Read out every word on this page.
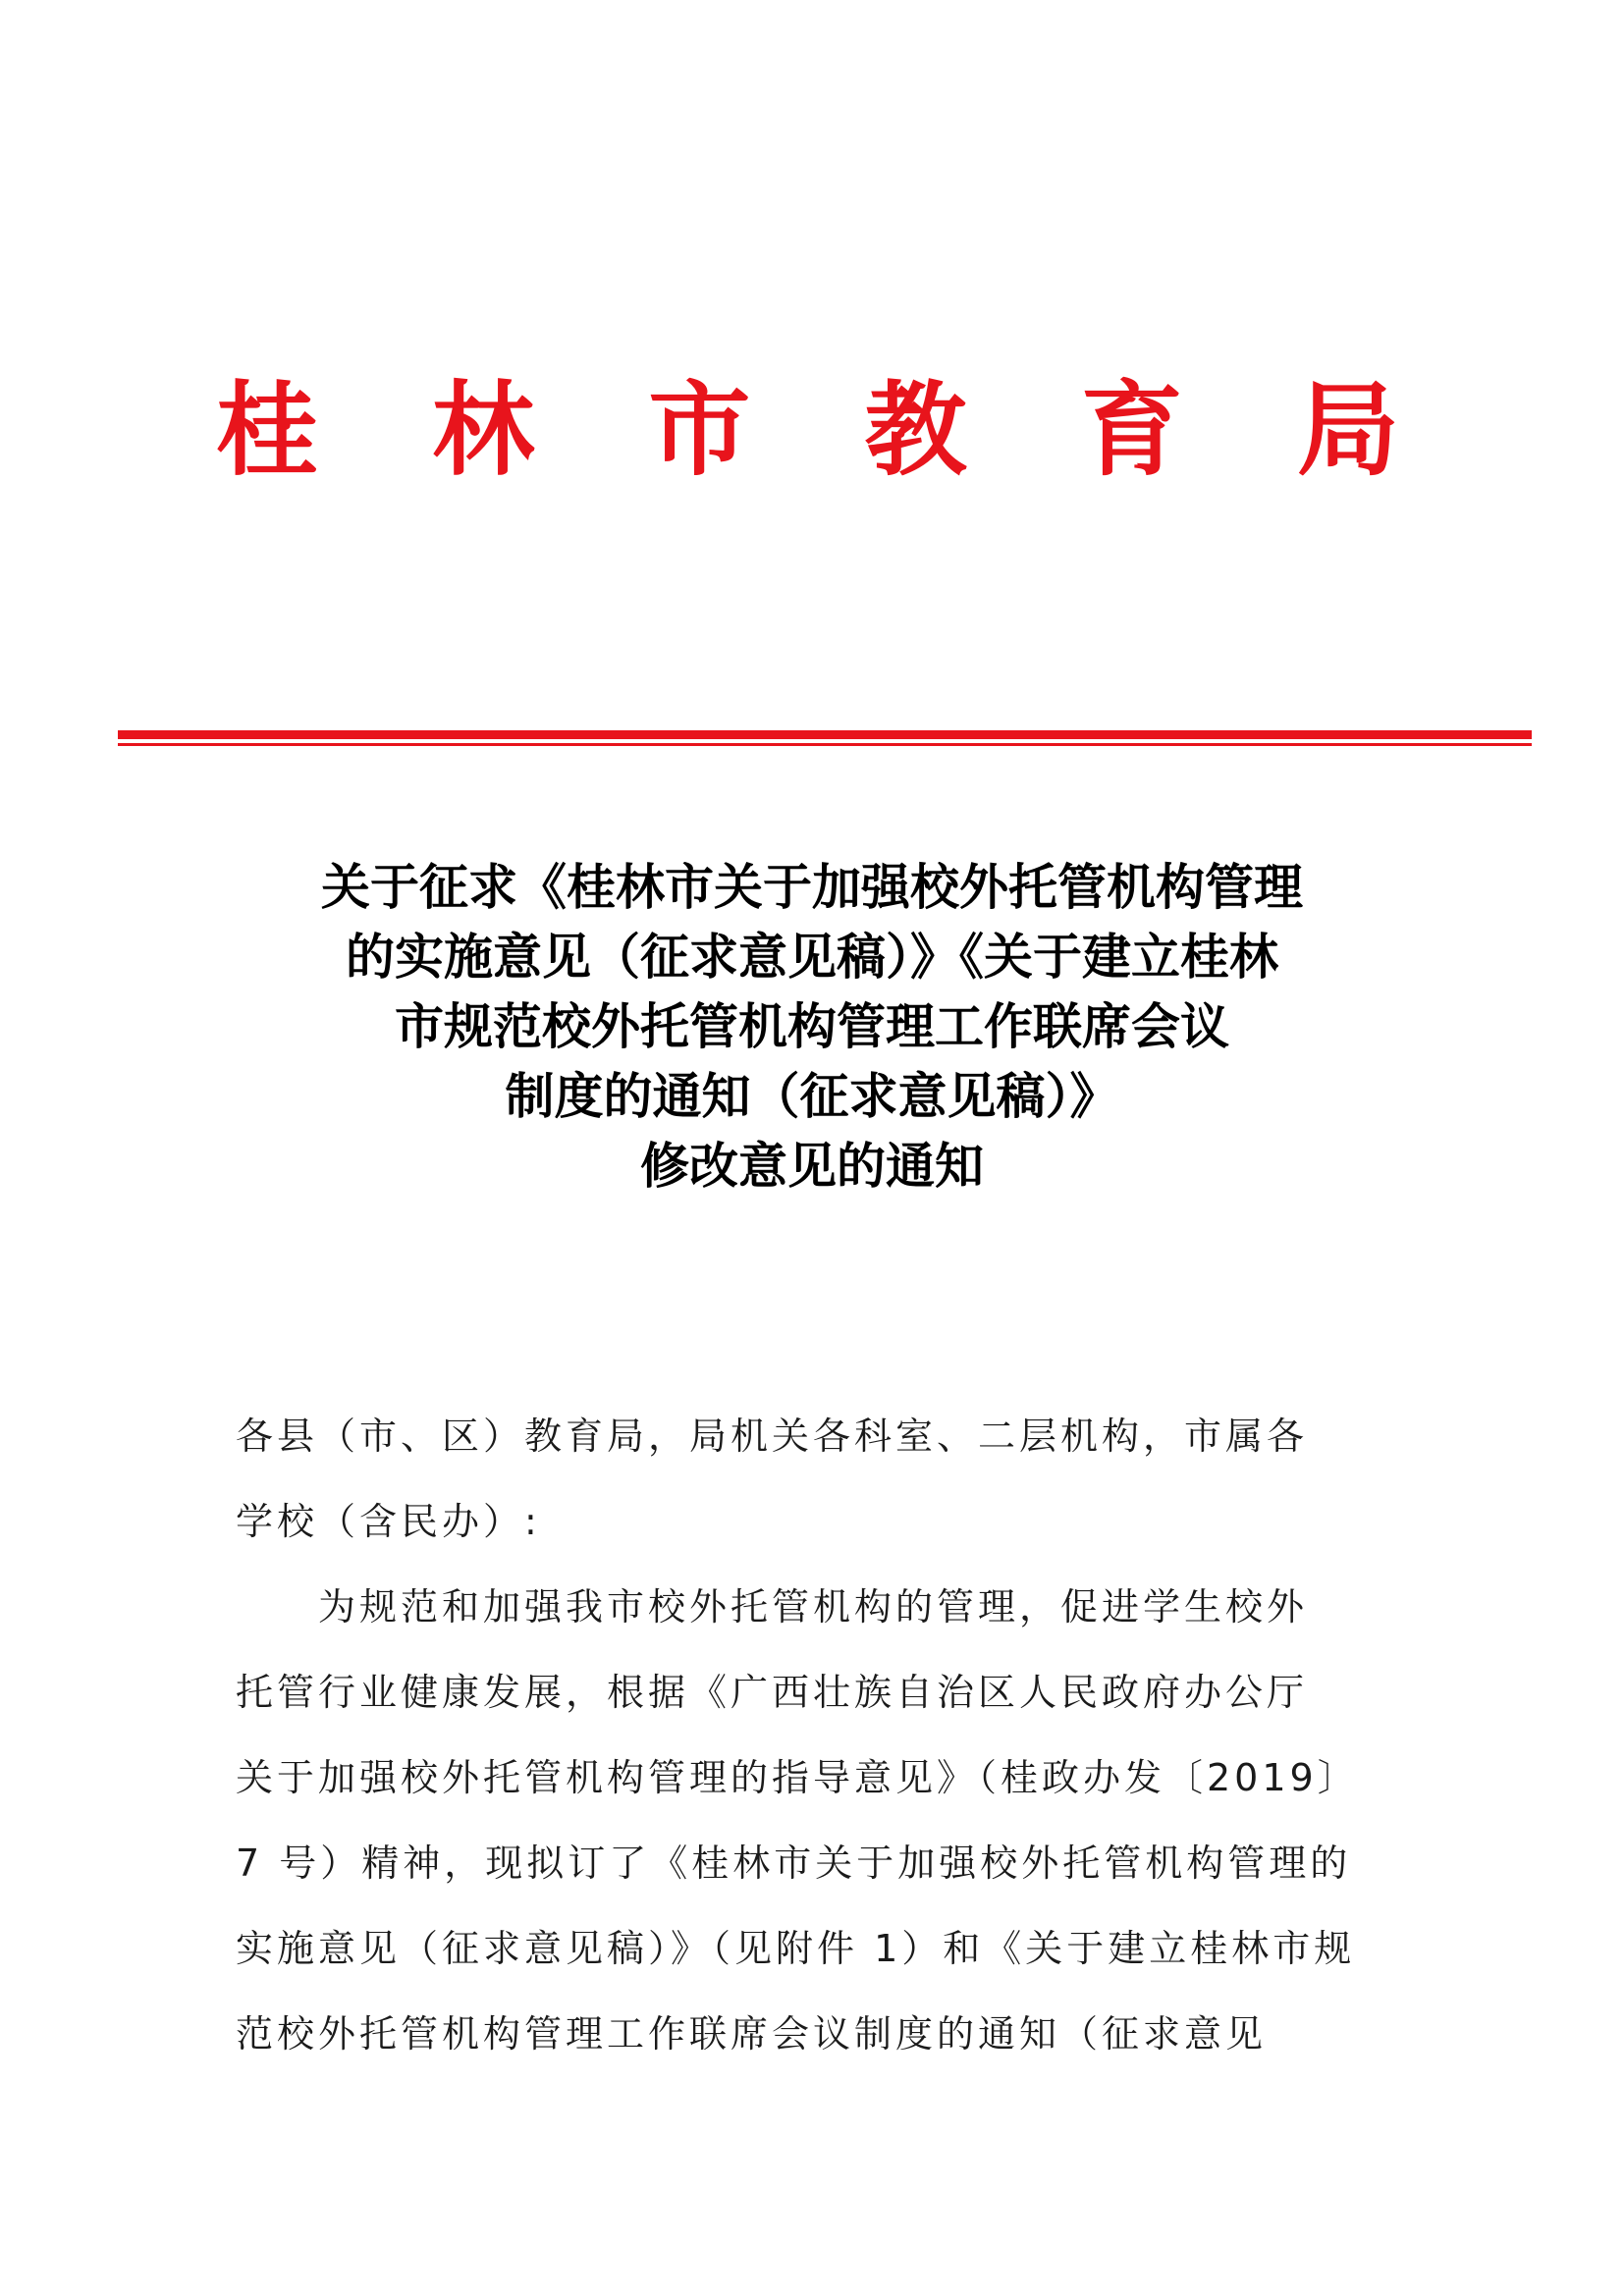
桂 林 市 教 育 局
关于征求《桂林市关于加强校外托管机构管理
的实施意见（征求意见稿）》《关于建立桂林
市规范校外托管机构管理工作联席会议
制度的通知（征求意见稿）》
修改意见的通知
各县（市、区）教育局，局机关各科室、二层机构，市属各
学校（含民办）:
为规范和加强我市校外托管机构的管理，促进学生校外
托管行业健康发展，根据《广西壮族自治区人民政府办公厅
关于加强校外托管机构管理的指导意见》（桂政办发〔2019〕
7 号）精神，现拟订了《桂林市关于加强校外托管机构管理的
实施意见（征求意见稿）》（见附件 1）和《关于建立桂林市规
范校外托管机构管理工作联席会议制度的通知（征求意见
